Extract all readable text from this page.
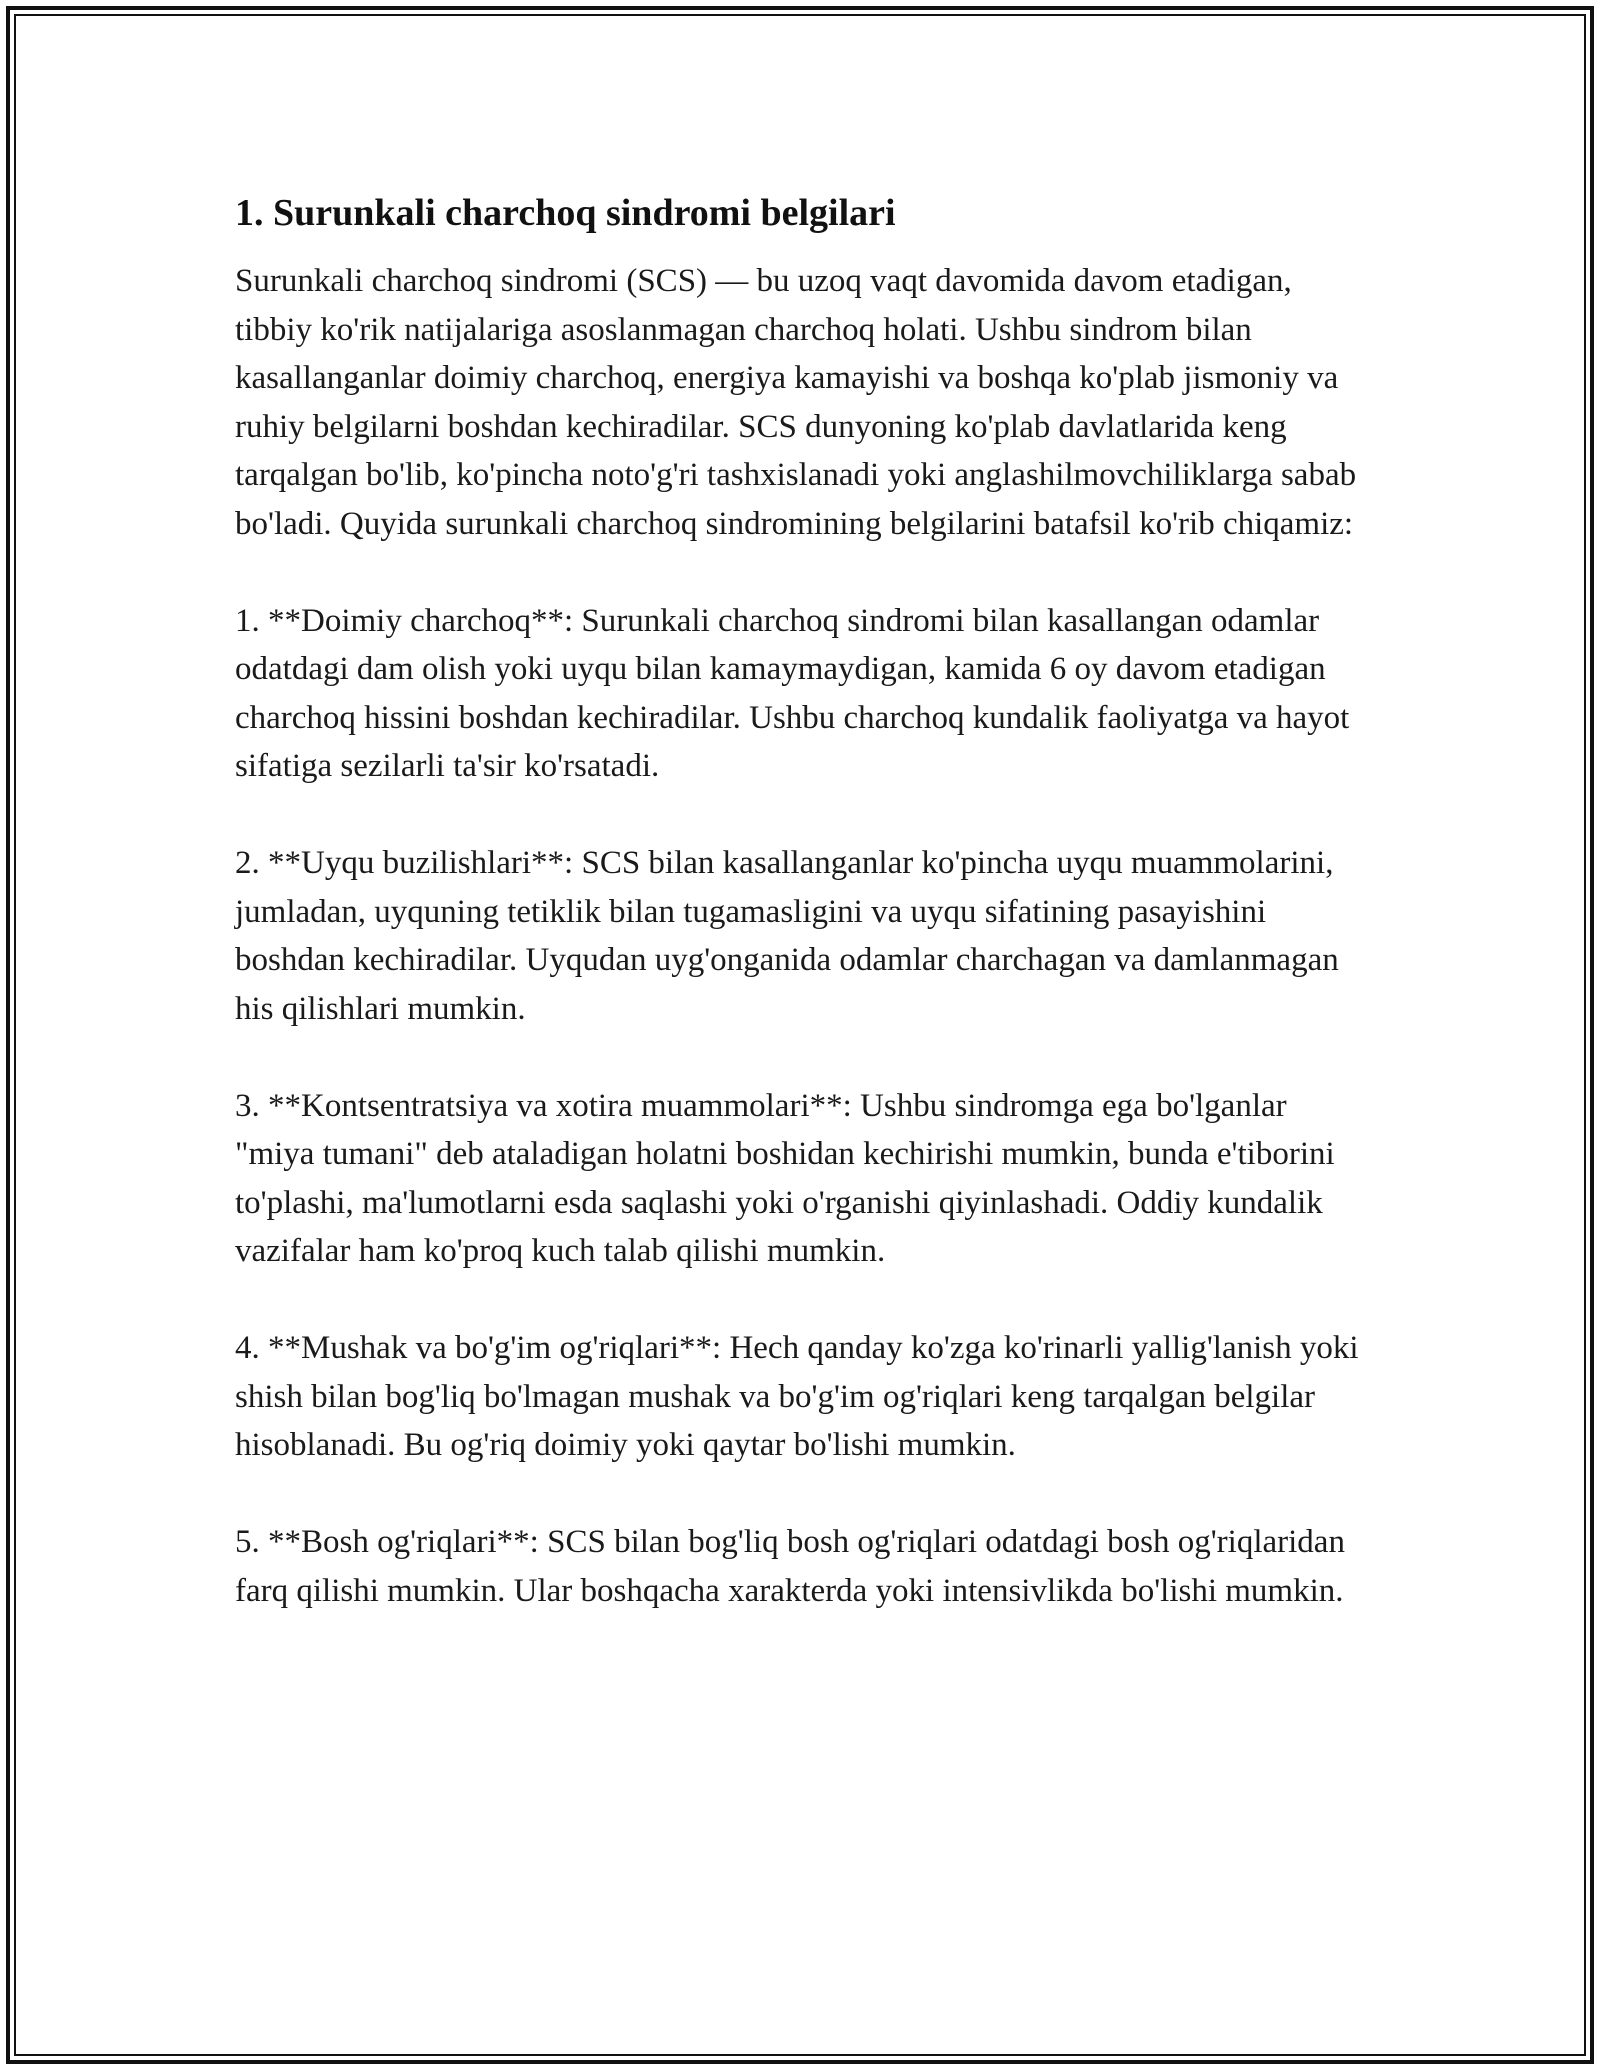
1. Surunkali charchoq sindromi belgilari

Surunkali charchoq sindromi (SCS) — bu uzoq vaqt davomida davom etadigan, tibbiy ko'rik natijalariga asoslanmagan charchoq holati. Ushbu sindrom bilan kasallanganlar doimiy charchoq, energiya kamayishi va boshqa ko'plab jismoniy va ruhiy belgilarni boshdan kechiradilar. SCS dunyoning ko'plab davlatlarida keng tarqalgan bo'lib, ko'pincha noto'g'ri tashxislanadi yoki anglashilmovchiliklarga sabab bo'ladi. Quyida surunkali charchoq sindromining belgilarini batafsil ko'rib chiqamiz:

1. **Doimiy charchoq**: Surunkali charchoq sindromi bilan kasallangan odamlar odatdagi dam olish yoki uyqu bilan kamaymaydigan, kamida 6 oy davom etadigan charchoq hissini boshdan kechiradilar. Ushbu charchoq kundalik faoliyatga va hayot sifatiga sezilarli ta'sir ko'rsatadi.

2. **Uyqu buzilishlari**: SCS bilan kasallanganlar ko'pincha uyqu muammolarini, jumladan, uyquning tetiklik bilan tugamasligini va uyqu sifatining pasayishini boshdan kechiradilar. Uyqudan uyg'onganida odamlar charchagan va damlanmagan his qilishlari mumkin.

3. **Kontsentratsiya va xotira muammolari**: Ushbu sindromga ega bo'lganlar "miya tumani" deb ataladigan holatni boshidan kechirishi mumkin, bunda e'tiborini to'plashi, ma'lumotlarni esda saqlashi yoki o'rganishi qiyinlashadi. Oddiy kundalik vazifalar ham ko'proq kuch talab qilishi mumkin.

4. **Mushak va bo'g'im og'riqlari**: Hech qanday ko'zga ko'rinarli yallig'lanish yoki shish bilan bog'liq bo'lmagan mushak va bo'g'im og'riqlari keng tarqalgan belgilar hisoblanadi. Bu og'riq doimiy yoki qaytar bo'lishi mumkin.

5. **Bosh og'riqlari**: SCS bilan bog'liq bosh og'riqlari odatdagi bosh og'riqlaridan farq qilishi mumkin. Ular boshqacha xarakterda yoki intensivlikda bo'lishi mumkin.
